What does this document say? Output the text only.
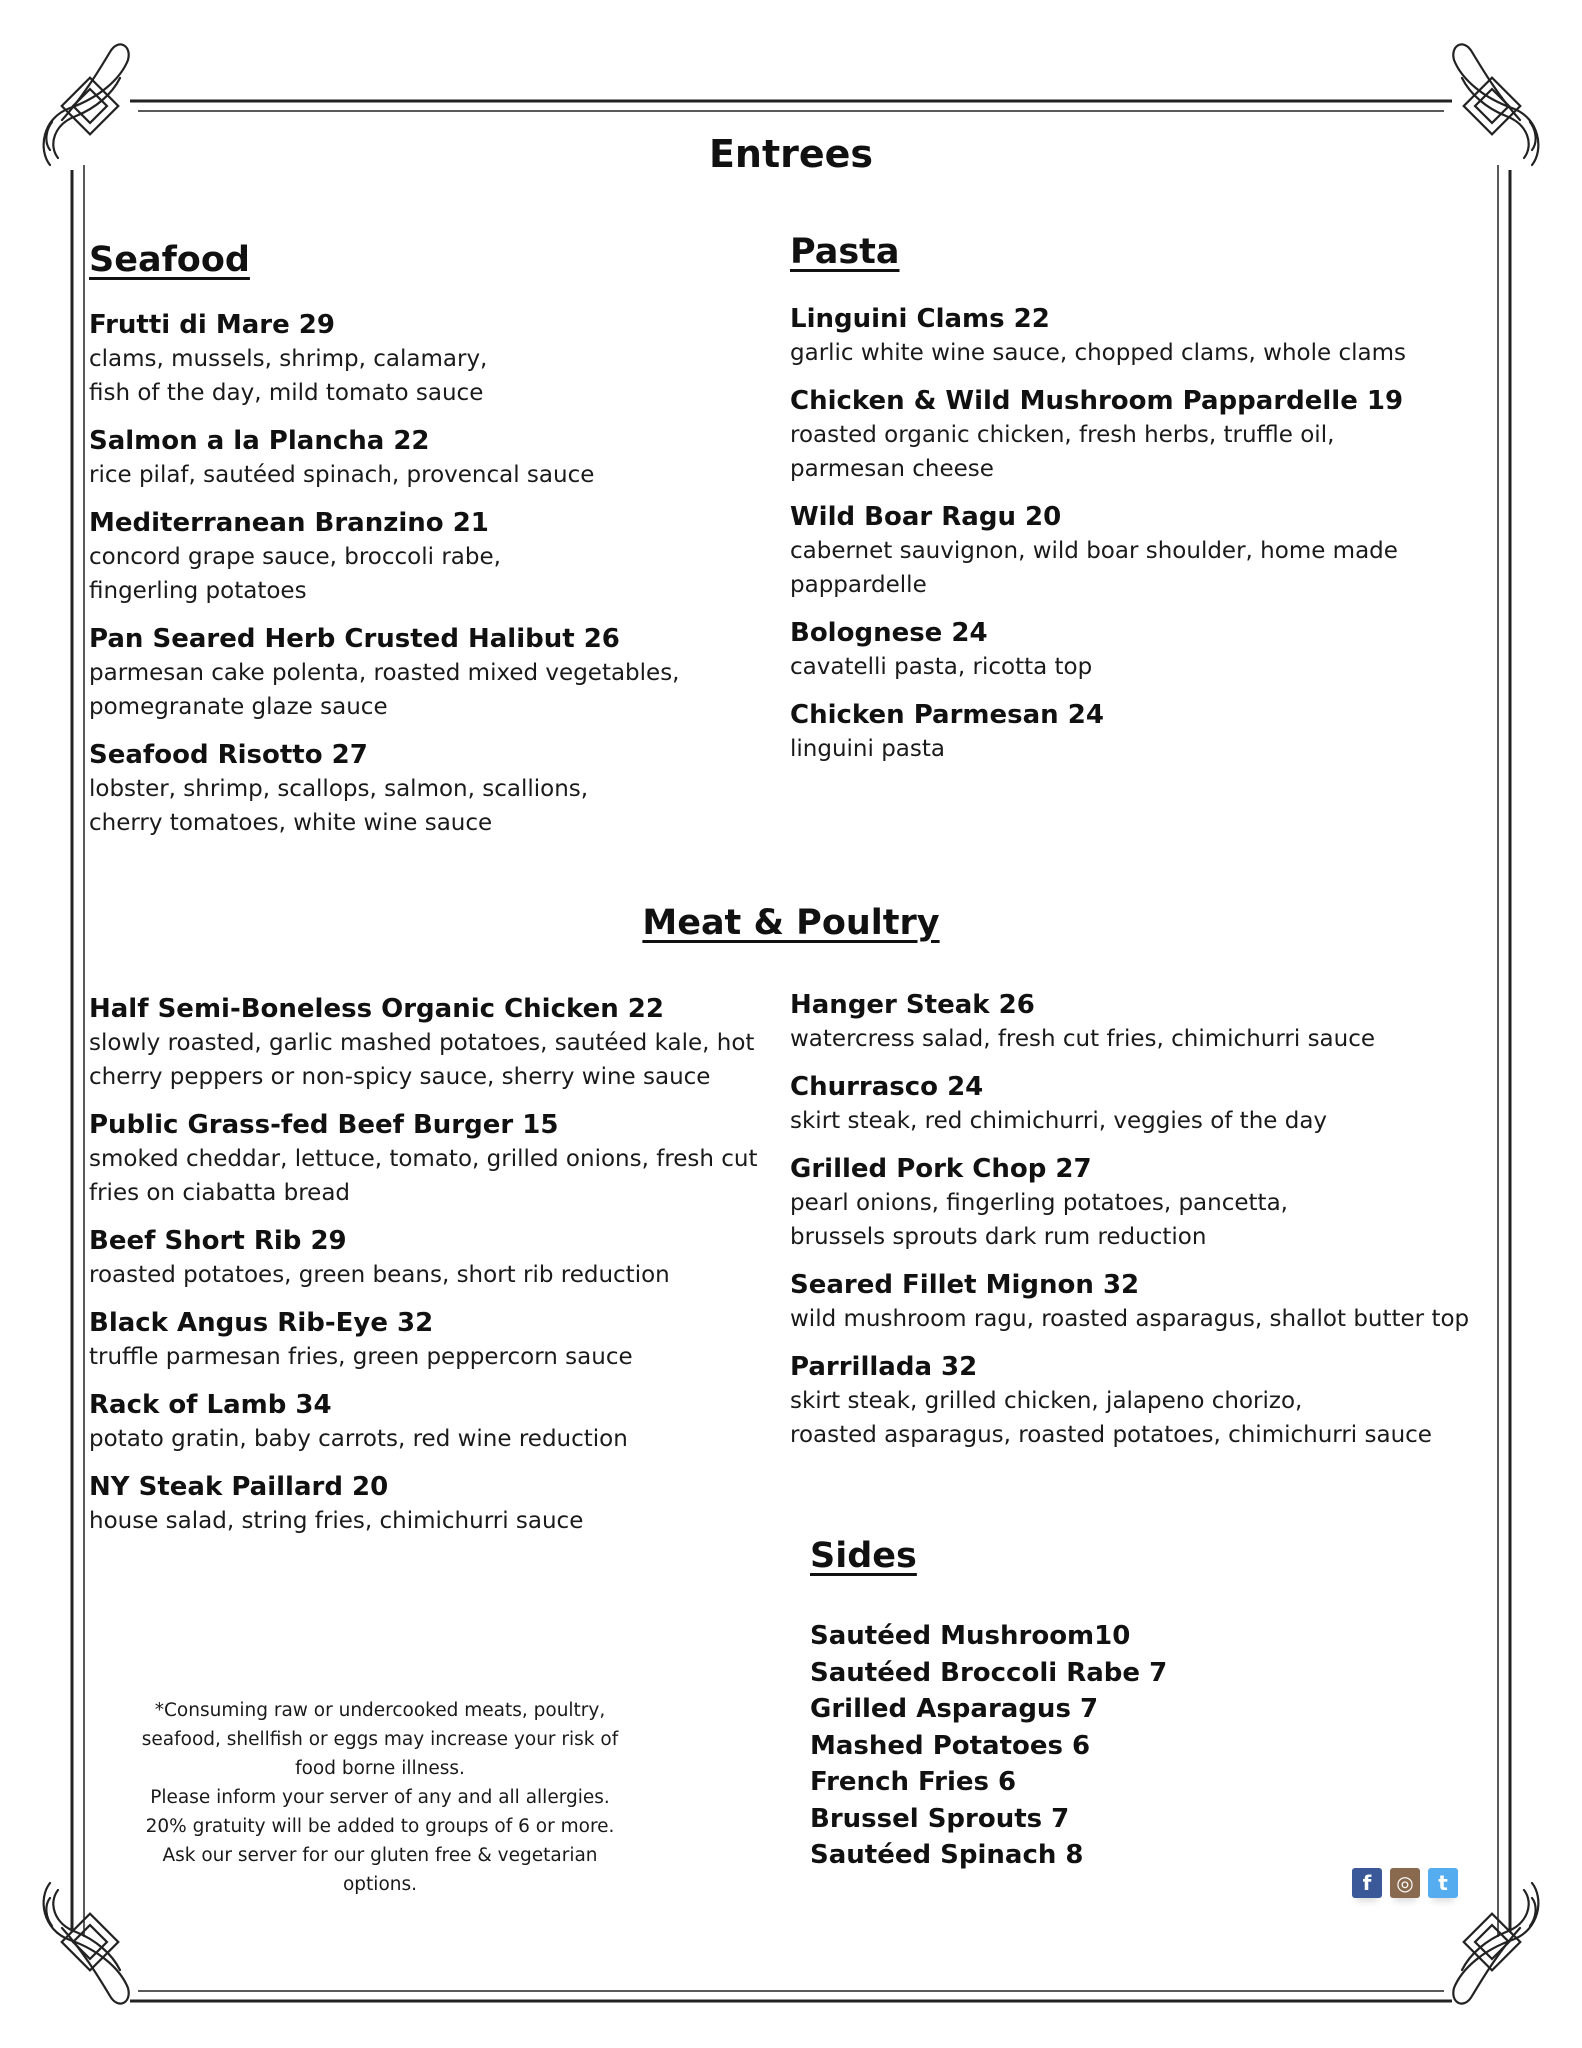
Entrees
Seafood
Frutti di Mare 29
clams, mussels, shrimp, calamary,
fish of the day, mild tomato sauce
Salmon a la Plancha 22
rice pilaf, sautéed spinach, provencal sauce
Mediterranean Branzino 21
concord grape sauce, broccoli rabe,
fingerling potatoes
Pan Seared Herb Crusted Halibut 26
parmesan cake polenta, roasted mixed vegetables,
pomegranate glaze sauce
Seafood Risotto 27
lobster, shrimp, scallops, salmon, scallions,
cherry tomatoes, white wine sauce
Pasta
Linguini Clams 22
garlic white wine sauce, chopped clams, whole clams
Chicken & Wild Mushroom Pappardelle 19
roasted organic chicken, fresh herbs, truffle oil,
parmesan cheese
Wild Boar Ragu 20
cabernet sauvignon, wild boar shoulder, home made
pappardelle
Bolognese 24
cavatelli pasta, ricotta top
Chicken Parmesan 24
linguini pasta
Meat & Poultry
Half Semi-Boneless Organic Chicken 22
slowly roasted, garlic mashed potatoes, sautéed kale, hot
cherry peppers or non-spicy sauce, sherry wine sauce
Public Grass-fed Beef Burger 15
smoked cheddar, lettuce, tomato, grilled onions, fresh cut
fries on ciabatta bread
Beef Short Rib 29
roasted potatoes, green beans, short rib reduction
Black Angus Rib-Eye 32
truffle parmesan fries, green peppercorn sauce
Rack of Lamb 34
potato gratin, baby carrots, red wine reduction
NY Steak Paillard 20
house salad, string fries, chimichurri sauce
Hanger Steak 26
watercress salad, fresh cut fries, chimichurri sauce
Churrasco 24
skirt steak, red chimichurri, veggies of the day
Grilled Pork Chop 27
pearl onions, fingerling potatoes, pancetta,
brussels sprouts dark rum reduction
Seared Fillet Mignon 32
wild mushroom ragu, roasted asparagus, shallot butter top
Parrillada 32
skirt steak, grilled chicken, jalapeno chorizo,
roasted asparagus, roasted potatoes, chimichurri sauce
Sides
Sautéed Mushroom10
Sautéed Broccoli Rabe 7
Grilled Asparagus 7
Mashed Potatoes 6
French Fries 6
Brussel Sprouts 7
Sautéed Spinach 8
*Consuming raw or undercooked meats, poultry,
seafood, shellfish or eggs may increase your risk of
food borne illness.
Please inform your server of any and all allergies.
20% gratuity will be added to groups of 6 or more.
Ask our server for our gluten free & vegetarian
options.	f	◎	t
